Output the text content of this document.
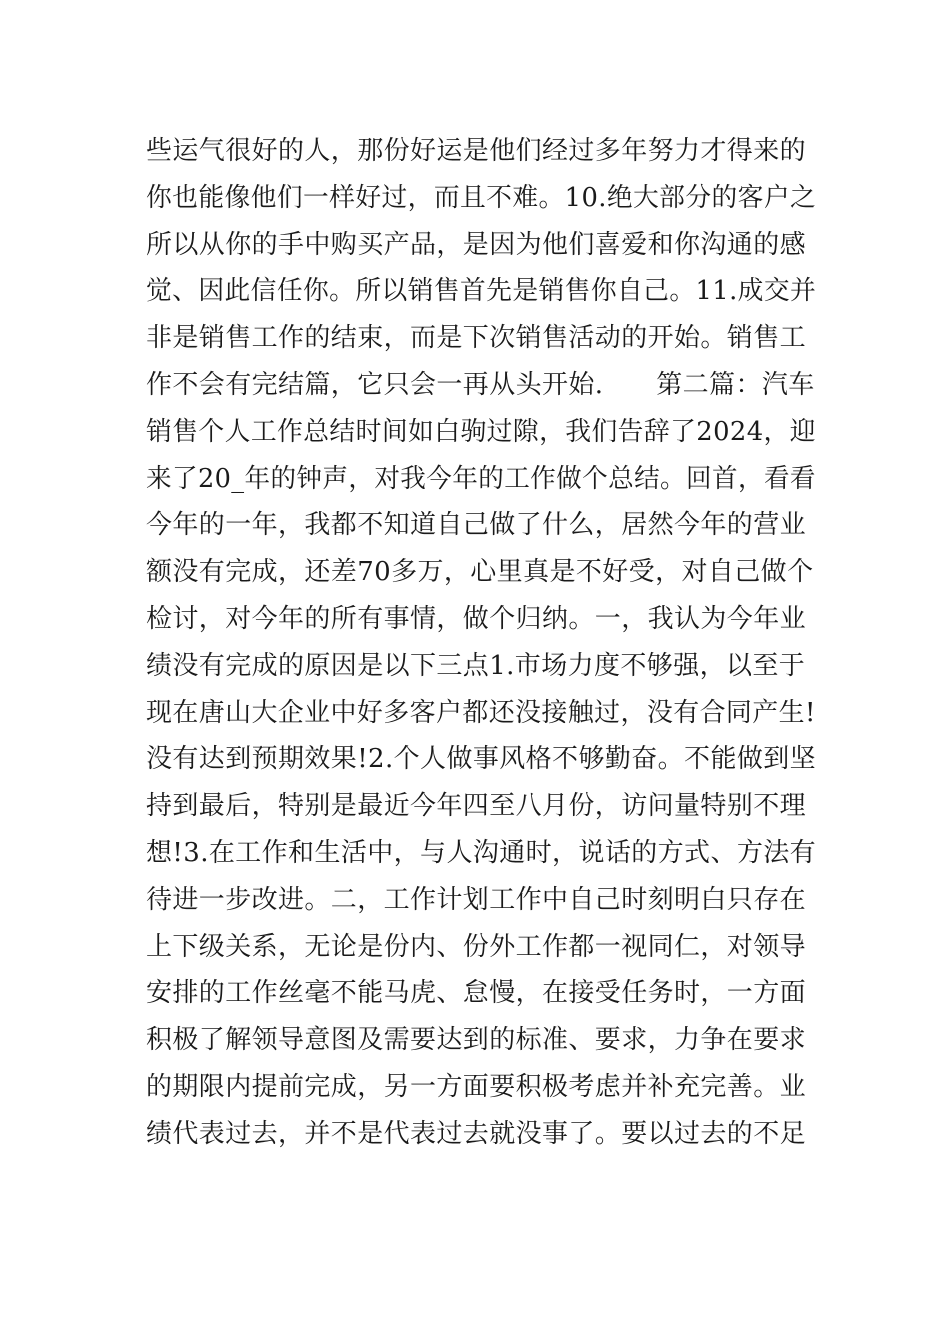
些运气很好的人，那份好运是他们经过多年努力才得来的
你也能像他们一样好过，而且不难。10.绝大部分的客户之
所以从你的手中购买产品，是因为他们喜爱和你沟通的感
觉、因此信任你。所以销售首先是销售你自己。11.成交并
非是销售工作的结束，而是下次销售活动的开始。销售工
作不会有完结篇，它只会一再从头开始.　　第二篇：汽车
销售个人工作总结时间如白驹过隙，我们告辞了2024，迎
来了20_年的钟声，对我今年的工作做个总结。回首，看看
今年的一年，我都不知道自己做了什么，居然今年的营业
额没有完成，还差70多万，心里真是不好受，对自己做个
检讨，对今年的所有事情，做个归纳。一，我认为今年业
绩没有完成的原因是以下三点1.市场力度不够强，以至于
现在唐山大企业中好多客户都还没接触过，没有合同产生!
没有达到预期效果!2.个人做事风格不够勤奋。不能做到坚
持到最后，特别是最近今年四至八月份，访问量特别不理
想!3.在工作和生活中，与人沟通时，说话的方式、方法有
待进一步改进。二，工作计划工作中自己时刻明白只存在
上下级关系，无论是份内、份外工作都一视同仁，对领导
安排的工作丝毫不能马虎、怠慢，在接受任务时，一方面
积极了解领导意图及需要达到的标准、要求，力争在要求
的期限内提前完成，另一方面要积极考虑并补充完善。业
绩代表过去，并不是代表过去就没事了。要以过去的不足
